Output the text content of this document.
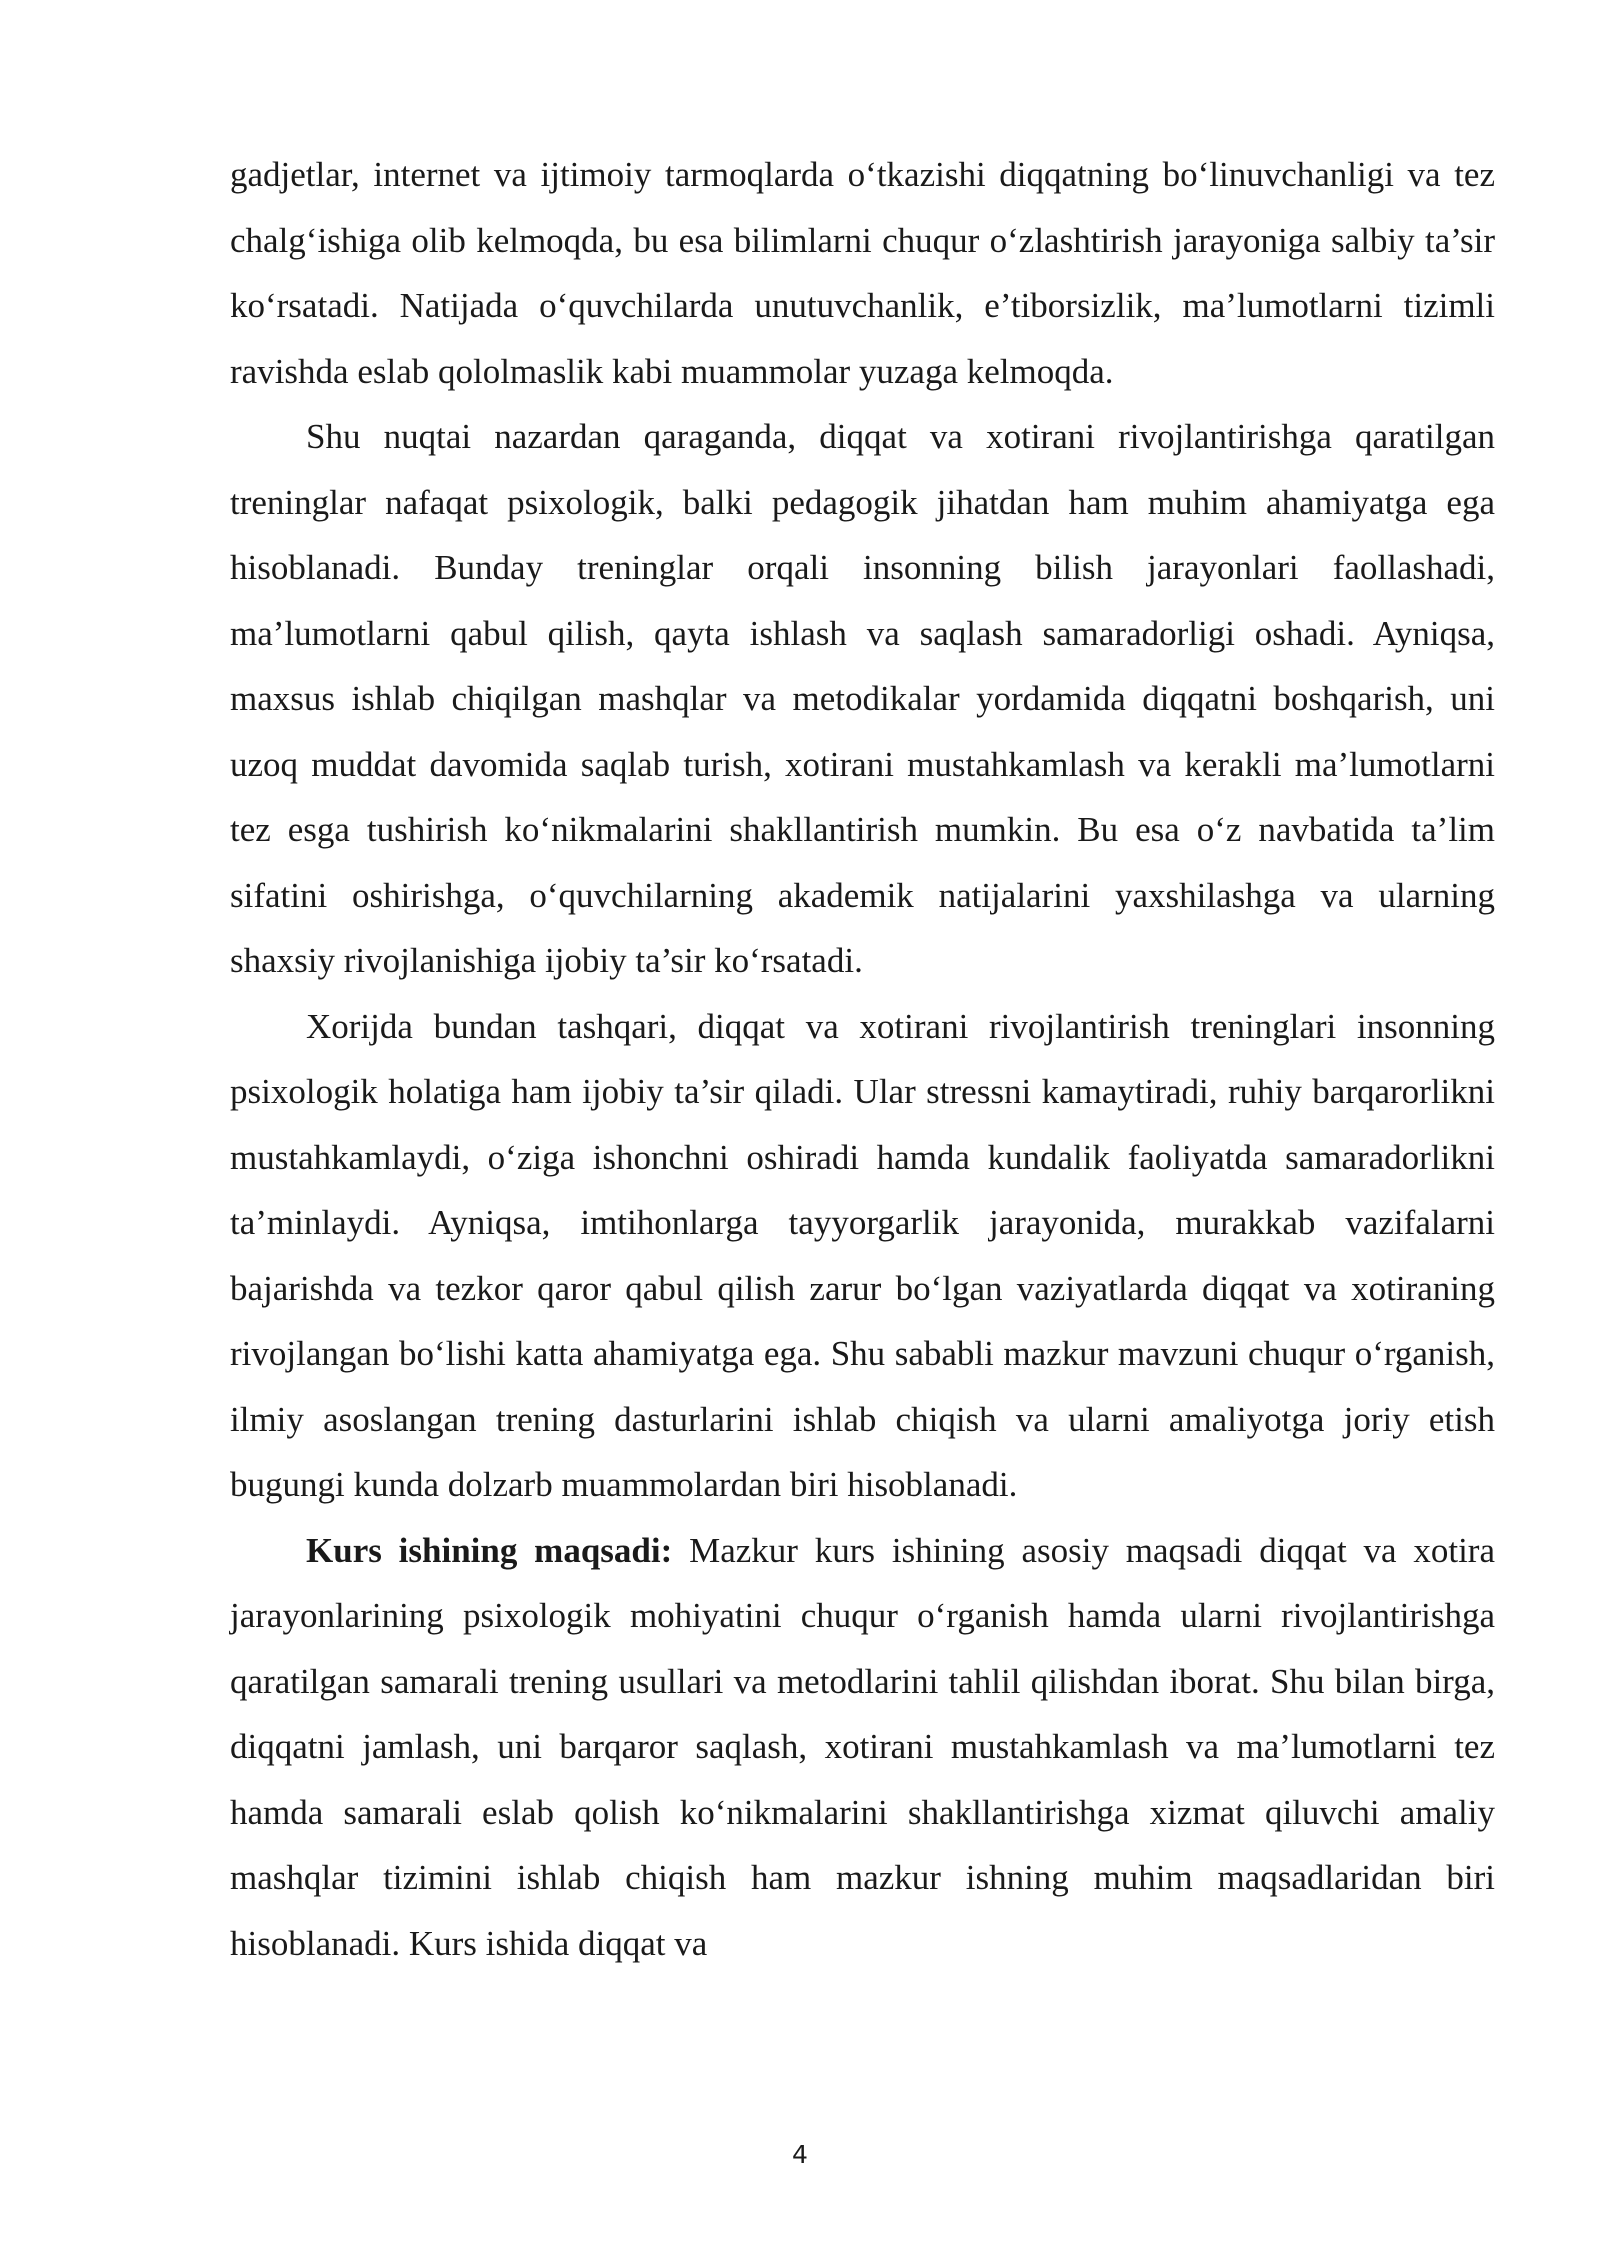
gadjetlar, internet va ijtimoiy tarmoqlarda o‘tkazishi diqqatning bo‘linuvchanligi va tez chalg‘ishiga olib kelmoqda, bu esa bilimlarni chuqur o‘zlashtirish jarayoniga salbiy ta’sir ko‘rsatadi. Natijada o‘quvchilarda unutuvchanlik, e’tiborsizlik, ma’lumotlarni tizimli ravishda eslab qololmaslik kabi muammolar yuzaga kelmoqda.

Shu nuqtai nazardan qaraganda, diqqat va xotirani rivojlantirishga qaratilgan treninglar nafaqat psixologik, balki pedagogik jihatdan ham muhim ahamiyatga ega hisoblanadi. Bunday treninglar orqali insonning bilish jarayonlari faollashadi, ma’lumotlarni qabul qilish, qayta ishlash va saqlash samaradorligi oshadi. Ayniqsa, maxsus ishlab chiqilgan mashqlar va metodikalar yordamida diqqatni boshqarish, uni uzoq muddat davomida saqlab turish, xotirani mustahkamlash va kerakli ma’lumotlarni tez esga tushirish ko‘nikmalarini shakllantirish mumkin. Bu esa o‘z navbatida ta’lim sifatini oshirishga, o‘quvchilarning akademik natijalarini yaxshilashga va ularning shaxsiy rivojlanishiga ijobiy ta’sir ko‘rsatadi.

Xorijda bundan tashqari, diqqat va xotirani rivojlantirish treninglari insonning psixologik holatiga ham ijobiy ta’sir qiladi. Ular stressni kamaytiradi, ruhiy barqarorlikni mustahkamlaydi, o‘ziga ishonchni oshiradi hamda kundalik faoliyatda samaradorlikni ta’minlaydi. Ayniqsa, imtihonlarga tayyorgarlik jarayonida, murakkab vazifalarni bajarishda va tezkor qaror qabul qilish zarur bo‘lgan vaziyatlarda diqqat va xotiraning rivojlangan bo‘lishi katta ahamiyatga ega. Shu sababli mazkur mavzuni chuqur o‘rganish, ilmiy asoslangan trening dasturlarini ishlab chiqish va ularni amaliyotga joriy etish bugungi kunda dolzarb muammolardan biri hisoblanadi.

Kurs ishining maqsadi: Mazkur kurs ishining asosiy maqsadi diqqat va xotira jarayonlarining psixologik mohiyatini chuqur o‘rganish hamda ularni rivojlantirishga qaratilgan samarali trening usullari va metodlarini tahlil qilishdan iborat. Shu bilan birga, diqqatni jamlash, uni barqaror saqlash, xotirani mustahkamlash va ma’lumotlarni tez hamda samarali eslab qolish ko‘nikmalarini shakllantirishga xizmat qiluvchi amaliy mashqlar tizimini ishlab chiqish ham mazkur ishning muhim maqsadlaridan biri hisoblanadi. Kurs ishida diqqat va

4
